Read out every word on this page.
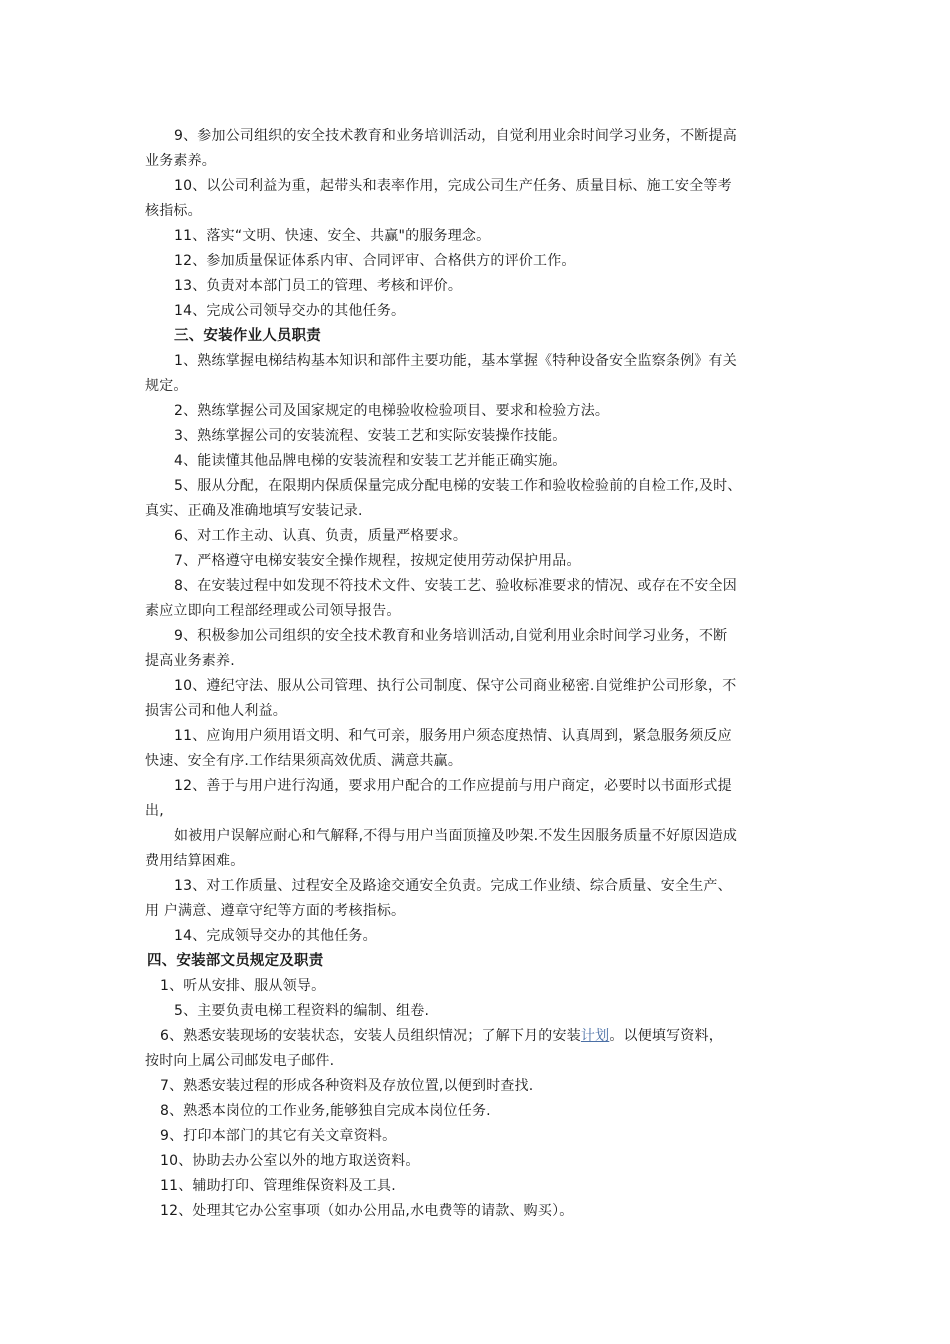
9、参加公司组织的安全技术教育和业务培训活动，自觉利用业余时间学习业务，不断提高
业务素养。
10、以公司利益为重，起带头和表率作用，完成公司生产任务、质量目标、施工安全等考
核指标。
11、落实“文明、快速、安全、共赢"的服务理念。
12、参加质量保证体系内审、合同评审、合格供方的评价工作。
13、负责对本部门员工的管理、考核和评价。
14、完成公司领导交办的其他任务。
三、安装作业人员职责
1、熟练掌握电梯结构基本知识和部件主要功能，基本掌握《特种设备安全监察条例》有关
规定。
2、熟练掌握公司及国家规定的电梯验收检验项目、要求和检验方法。
3、熟练掌握公司的安装流程、安装工艺和实际安装操作技能。
4、能读懂其他品牌电梯的安装流程和安装工艺并能正确实施。
5、服从分配，在限期内保质保量完成分配电梯的安装工作和验收检验前的自检工作,及时、
真实、正确及准确地填写安装记录.
6、对工作主动、认真、负责，质量严格要求。
7、严格遵守电梯安装安全操作规程，按规定使用劳动保护用品。
8、在安装过程中如发现不符技术文件、安装工艺、验收标准要求的情况、或存在不安全因
素应立即向工程部经理或公司领导报告。
9、积极参加公司组织的安全技术教育和业务培训活动,自觉利用业余时间学习业务，不断
提高业务素养.
10、遵纪守法、服从公司管理、执行公司制度、保守公司商业秘密.自觉维护公司形象，不
损害公司和他人利益。
11、应询用户须用语文明、和气可亲，服务用户须态度热情、认真周到，紧急服务须反应
快速、安全有序.工作结果须高效优质、满意共赢。
12、善于与用户进行沟通，要求用户配合的工作应提前与用户商定，必要时以书面形式提
出,
如被用户误解应耐心和气解释,不得与用户当面顶撞及吵架.不发生因服务质量不好原因造成
费用结算困难。
13、对工作质量、过程安全及路途交通安全负责。完成工作业绩、综合质量、安全生产、
用 户满意、遵章守纪等方面的考核指标。
14、完成领导交办的其他任务。
四、安装部文员规定及职责
1、听从安排、服从领导。
5、主要负责电梯工程资料的编制、组卷.
6、熟悉安装现场的安装状态，安装人员组织情况；了解下月的安装计划。以便填写资料，
按时向上属公司邮发电子邮件.
7、熟悉安装过程的形成各种资料及存放位置,以便到时查找.
8、熟悉本岗位的工作业务,能够独自完成本岗位任务.
9、打印本部门的其它有关文章资料。
10、协助去办公室以外的地方取送资料。
11、辅助打印、管理维保资料及工具.
12、处理其它办公室事项（如办公用品,水电费等的请款、购买）。
